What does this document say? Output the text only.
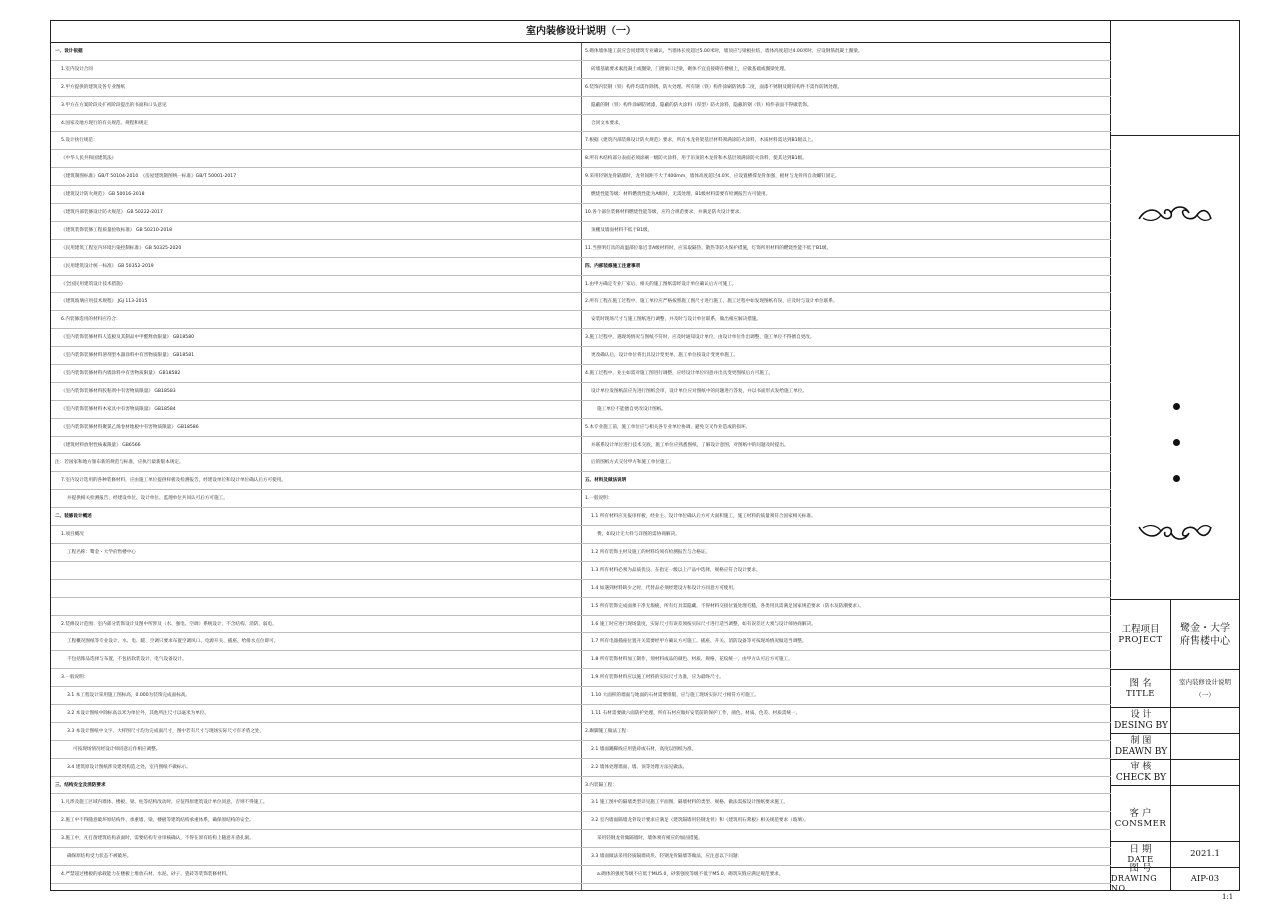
室内装修设计说明（一）
一、设计依据
1.室内设计合同
2.甲方提供的建筑及各专业图纸
3.甲方在方案阶段及扩初阶段提出的书面和口头意见
4.国家及地方现行的有关规范、规程和规定
5.设计执行规范：
《中华人民共和国建筑法》
《建筑制图标准》GB/T 50104-2010　《房屋建筑制图统一标准》GB/T 50001-2017
《建筑设计防火规范》 GB 50016-2018
《建筑内部装修设计防火规范》 GB 50222-2017
《建筑装饰装修工程质量验收标准》 GB 50210-2018
《民用建筑工程室内环境污染控制标准》 GB 50325-2020
《民用建筑设计统一标准》 GB 50352-2019
《全国民用建筑设计技术措施》
《建筑玻璃应用技术规程》 JGJ 113-2015
6.内装修选用的材料应符合：
《室内装饰装修材料人造板及其制品中甲醛释放限量》 GB18580
《室内装饰装修材料溶剂型木器涂料中有害物质限量》 GB18581
《室内装饰装修材料内墙涂料中有害物质限量》 GB18582
《室内装饰装修材料胶粘剂中有害物质限量》 GB18583
《室内装饰装修材料木家具中有害物质限量》 GB18584
《室内装饰装修材料聚氯乙烯卷材地板中有害物质限量》 GB18586
《建筑材料放射性核素限量》 GB6566
注：若国家和地方颁布新的规范与标准，应执行最新版本规定。
7.室内设计选用的各种装修材料，应由施工单位提供样板及检测报告，经建设单位和设计单位确认后方可使用。
并提供相关检测报告，经建设单位、设计单位、监理单位共同认可后方可施工。
二、装修设计概述
1.项目概况
工程名称：鹭金・大学府售楼中心
2.装修设计范围：室内部分装饰设计及图中所涉及（水、强电、空调）系统设计，不含结构、消防、弱电。
工程概况图纸等专业设计，水、电、暖、空调只要求布置空调风口、电源开关、插座、给排水点位即可。
不包括饰品选择与布置，不包括软装设计，电气设备设计。
3.一般说明：
3.1 本工程设计采用施工图标高，0.000为装饰完成面标高。
3.2 本设计图纸中除标高以米为单位外，其他所注尺寸以毫米为单位。
3.3 本设计图纸中文字、大样图尺寸均为完成面尺寸，图中若有尺寸与现场实际尺寸有矛盾之处，
可按现场情况经设计师同意后作相应调整。
3.4 建筑原设计图纸涉及建筑构造之处，室内图纸不做标示。
三、结构安全及消防要求
1.凡涉及施工区域内墙体、楼板、梁、柱等结构改动时，应征得原建筑设计单位同意，否则不得施工。
2.施工中不得随意破坏原结构件、承重墙、梁、楼板等建筑结构承重体系，确保原结构的安全。
3.施工中，凡打凿建筑结构表面时，需要结构专业审核确认，不得在原有结构上随意开凿孔洞。
确保原结构受力状态不被破坏。
4.严禁超过楼板的承载能力在楼板上堆放石材、水泥、砂子、瓷砖等装饰装修材料。
5.砌体墙体施工前应会同建筑专业确认，当墙体长度超过5.00米时，墙顶应与梁板拉结，墙体高度超过4.00米时，应设钢筋混凝土圈梁。
砖墙基础要求素混凝土或圈梁，门窗洞口过梁，砌体不宜直接砌在楼板上，应做基础或圈梁处理。
6.装饰内装钢（铁）构件均需作除锈、防火处理。所有钢（铁）构件涂刷防锈漆二度，面漆不锈钢及镀锌构件不需作防锈处理。
隐蔽的钢（铁）构件涂刷防锈漆，隐蔽的防火涂料（厚型）防火涂料，隐蔽的钢（铁）构件表面不得做装饰。
合同文本要求。
7.根据《建筑内部装修设计防火规范》要求，所有木龙骨架基层材料须满涂防火涂料，木质材料需达到B1级以上。
8.所有木结构部分表面必须涂刷一级防火涂料，用于吊顶的木龙骨和木基层须满涂防火涂料，使其达到B1级。
9.采用轻钢龙骨隔墙时，龙骨间距不大于400mm，墙体高度超过4.0米，应设置横撑龙骨加强，板材与龙骨用自攻螺钉固定。
燃烧性能等级：材料燃烧性能为A级时，无需处理，B1级材料需要有检测报告方可使用。
10.各个部位装修材料燃烧性能等级，应符合规范要求，并满足防火设计要求。
顶棚及墙面材料不低于B1级。
11.当照明灯具的高温部位靠近非A级材料时，应采取隔热、散热等防火保护措施，灯饰所用材料的燃烧性能不低于B1级。
四、内部装修施工注意事项
1.由甲方确定专业厂家后，相关的施工图纸需经设计单位确认后方可施工。
2.所有工程在施工过程中，施工单位应严格按照施工图尺寸进行施工，施工过程中如发现图纸有误，应及时与设计单位联系。
安装时现场尺寸与施工图纸进行调整，并及时与设计单位联系，做出相应解决措施。
3.施工过程中，遇现场情况与图纸不符时，应及时通知设计单位，由设计单位作出调整，施工单位不得擅自更改。
更改确认后，设计单位将出具设计变更单，施工单位按设计变更单施工。
4.施工过程中，业主如需对施工图进行调整，应经设计单位同意并出具变更图纸后方可施工。
设计单位发图纸前应先进行图纸会审，设计单位应对图纸中的问题进行答复，并以书面形式发给施工单位。
施工单位不能擅自更改设计图纸。
5.本专业施工前，施工单位应与相关各专业单位协调，避免交叉作业造成的损坏。
并联系设计单位进行技术交底，施工单位应熟悉图纸，了解设计意图，对图纸中的问题及时提出。
后的图纸方式交付甲方和施工单位施工。
五、材料及做法说明
1.一般说明：
1.1 所有材料应先报审样板，经业主、设计单位确认后方可大面积施工，施工材料的质量须符合国家相关标准。
费，如设计无大样与详图的需协商解决。
1.2 所有装饰主材及施工的材料均须有检测报告与合格证。
1.3 所有材料必须为品质优良、在指定一级以上产品中选择，规格应符合设计要求。
1.4 如遇到材料缺少之时，代替品必须经建设方和设计方同意方可使用。
1.5 所有装饰完成面须干净无瑕疵，所有灯具需隐藏，不得材料交接位置处理毛糙，各类用具需满足国家规范要求（防水及防潮要求）。
1.6 施工时应进行现场量度，实际尺寸有误差须按实际尺寸进行适当调整，如有误差过大须与设计师协商解决。
1.7 所有电器插座位置开关需要经甲方确认方可施工。插座、开关、消防设备等可按现场情况做适当调整。
1.8 所有装饰材料加工制作，须材料成品的颜色、材质、规格、花纹统一，由甲方认可后方可施工。
1.9 所有装饰材料应以施工材料的实际尺寸为准，应为最终尺寸。
1.10 大面积的墙面与地面的石材需要排版，应与施工现场实际尺寸相符方可施工。
1.11 石材需要做六面防护处理，所有石材应做好安装前的保护工作，颜色、材质、色差、材质需统一。
2.踢脚施工做法工程：
2.1 墙面踢脚线应用瓷砖或石材，高度以图纸为准。
2.2 墙体处理墙面、墙、顶等处理方法见做法。
3.内装隔工程：
3.1 施工图中的隔墙类型详见施工平面图，隔墙材料的类型、规格、做法需按设计图纸要求施工。
3.2 室内墙面隔墙龙骨设计要求应满足《建筑隔墙用轻钢龙骨》和《建筑用石膏板》相关规范要求（玻璃）。
采用轻钢龙骨做隔墙时，墙体须有相应的加固措施。
3.3 墙面做法采用轻质隔墙砖块、轻钢龙骨隔墙等做法，应注意以下问题：
a.砌体的强度等级不应低于MU5.0，砂浆强度等级不低于M5.0，砌筑灰缝应满足规范要求。
工程项目
PROJECT
鹭金・大学府售楼中心
图 名
TITLE
室内装修设计说明（一）
设 计
DESING BY
制 图
DEAWN BY
审 核
CHECK BY
客 户
CONSMER
日 期
DATE
2021.1
图 号
DRAWING NO.
AIP-03
1:1
